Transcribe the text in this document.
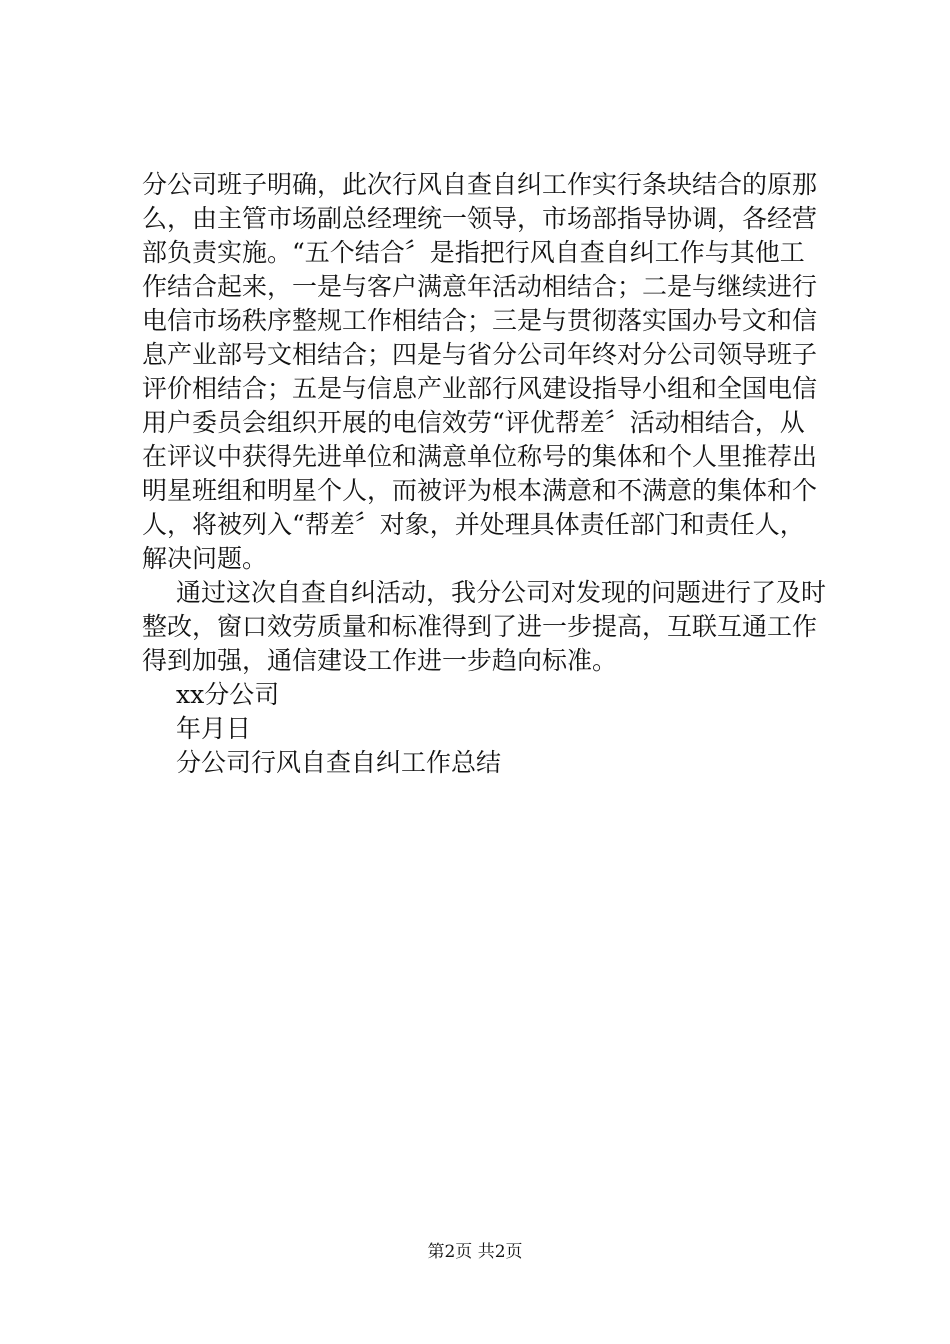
分公司班子明确，此次行风自查自纠工作实行条块结合的原那
么，由主管市场副总经理统一领导，市场部指导协调，各经营
部负责实施。“五个结合〞是指把行风自查自纠工作与其他工
作结合起来，一是与客户满意年活动相结合；二是与继续进行
电信市场秩序整规工作相结合；三是与贯彻落实国办号文和信
息产业部号文相结合；四是与省分公司年终对分公司领导班子
评价相结合；五是与信息产业部行风建设指导小组和全国电信
用户委员会组织开展的电信效劳“评优帮差〞活动相结合，从
在评议中获得先进单位和满意单位称号的集体和个人里推荐出
明星班组和明星个人，而被评为根本满意和不满意的集体和个
人，将被列入“帮差〞对象，并处理具体责任部门和责任人，
解决问题。
通过这次自查自纠活动，我分公司对发现的问题进行了及时
整改，窗口效劳质量和标准得到了进一步提高，互联互通工作
得到加强，通信建设工作进一步趋向标准。
xx分公司
年月日
分公司行风自查自纠工作总结
第2页 共2页
